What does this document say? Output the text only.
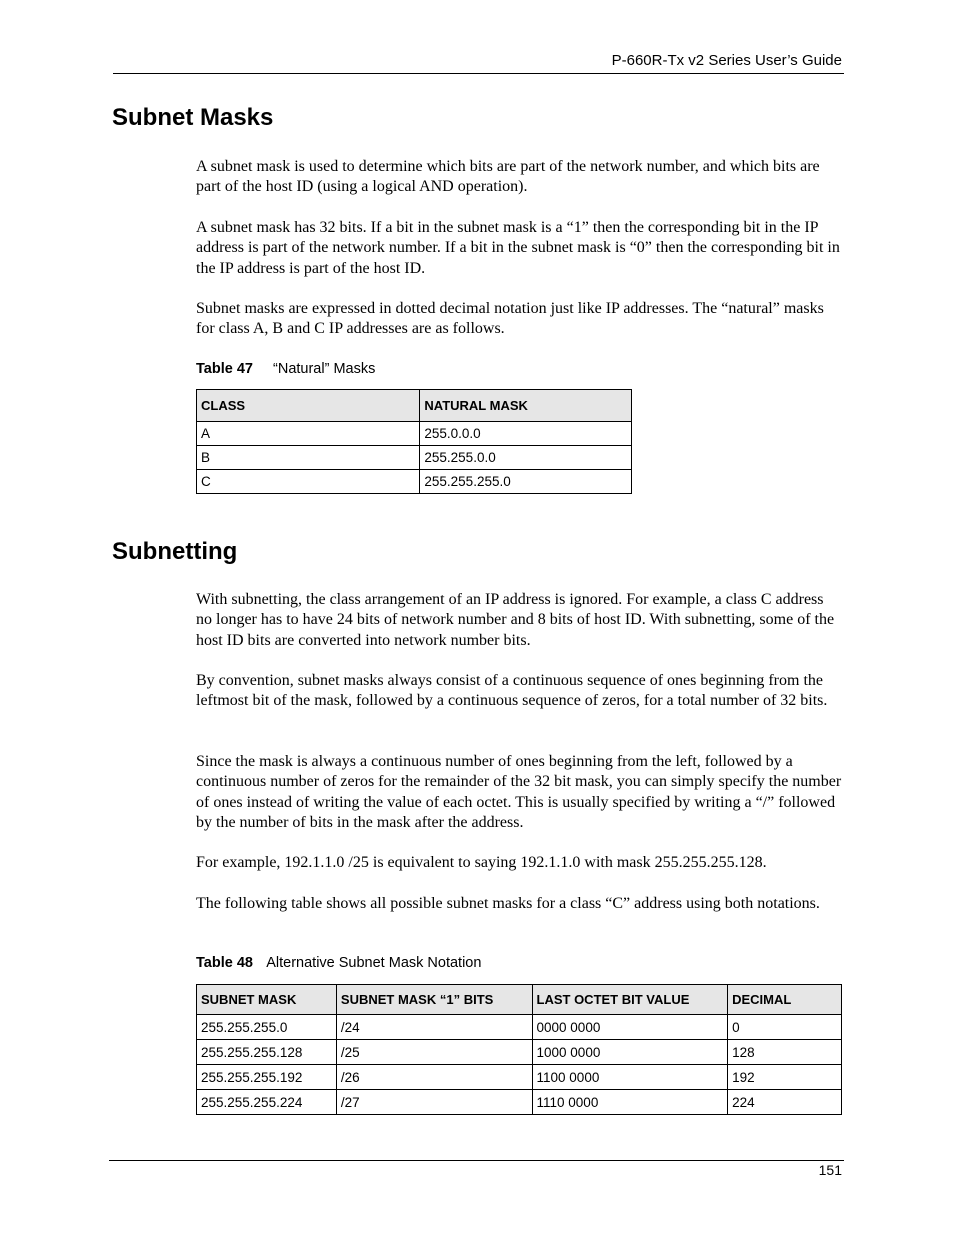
P-660R-Tx v2 Series User’s Guide
Subnet Masks

A subnet mask is used to determine which bits are part of the network number, and which bits are part of the host ID (using a logical AND operation).

A subnet mask has 32 bits. If a bit in the subnet mask is a “1” then the corresponding bit in the IP address is part of the network number. If a bit in the subnet mask is “0” then the corresponding bit in the IP address is part of the host ID.

Subnet masks are expressed in dotted decimal notation just like IP addresses. The “natural” masks for class A, B and C IP addresses are as follows.

Table 47 “Natural” Masks
CLASS	NATURAL MASK
A	255.0.0.0
B	255.255.0.0
C	255.255.255.0
Subnetting

With subnetting, the class arrangement of an IP address is ignored. For example, a class C address no longer has to have 24 bits of network number and 8 bits of host ID. With subnetting, some of the host ID bits are converted into network number bits.

By convention, subnet masks always consist of a continuous sequence of ones beginning from the leftmost bit of the mask, followed by a continuous sequence of zeros, for a total number of 32 bits.

Since the mask is always a continuous number of ones beginning from the left, followed by a continuous number of zeros for the remainder of the 32 bit mask, you can simply specify the number of ones instead of writing the value of each octet. This is usually specified by writing a “/” followed by the number of bits in the mask after the address.

For example, 192.1.1.0 /25 is equivalent to saying 192.1.1.0 with mask 255.255.255.128.

The following table shows all possible subnet masks for a class “C” address using both notations.

Table 48 Alternative Subnet Mask Notation
SUBNET MASK	SUBNET MASK “1” BITS	LAST OCTET BIT VALUE	DECIMAL
255.255.255.0	/24	0000 0000	0
255.255.255.128	/25	1000 0000	128
255.255.255.192	/26	1100 0000	192
255.255.255.224	/27	1110 0000	224
151
